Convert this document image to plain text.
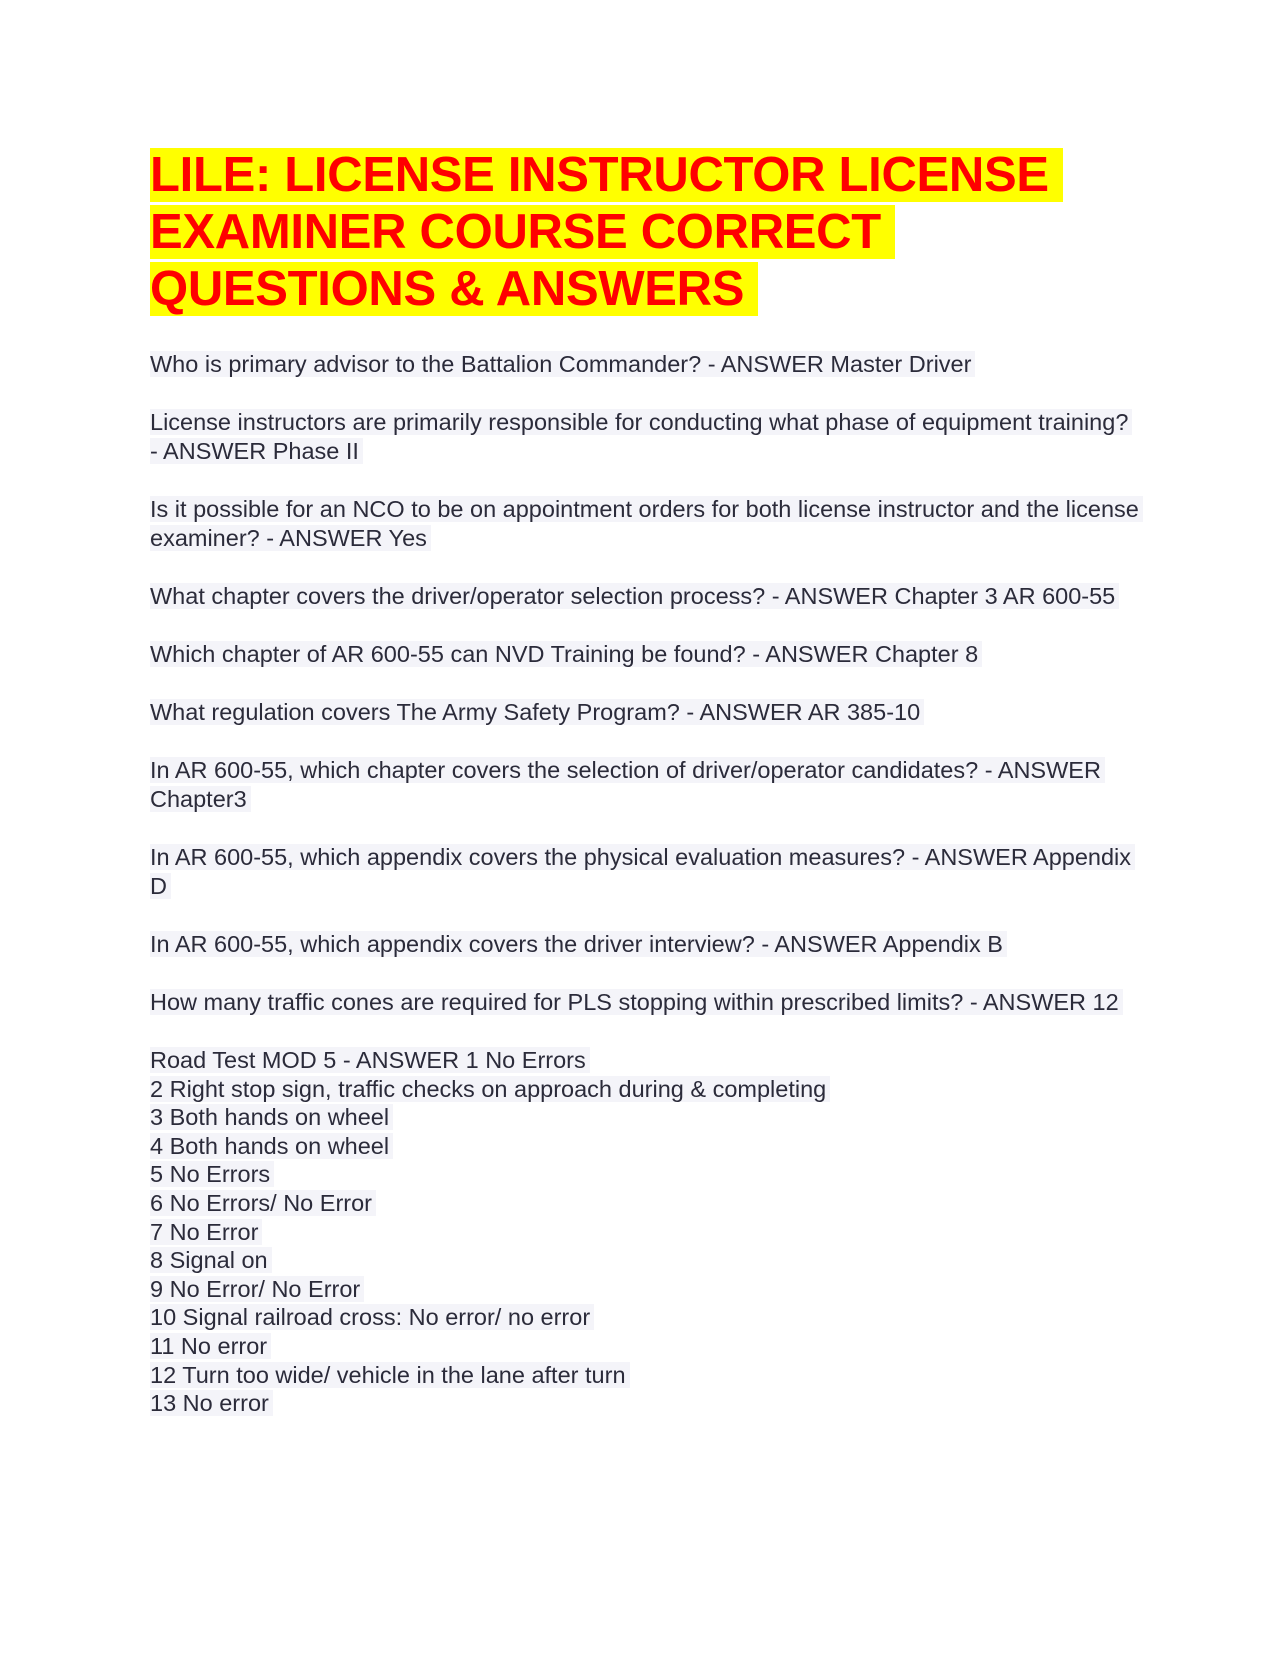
LILE: LICENSE INSTRUCTOR LICENSE
EXAMINER COURSE CORRECT
QUESTIONS & ANSWERS

Who is primary advisor to the Battalion Commander? - ANSWER Master Driver

License instructors are primarily responsible for conducting what phase of equipment training? - ANSWER Phase II

Is it possible for an NCO to be on appointment orders for both license instructor and the license examiner? - ANSWER Yes

What chapter covers the driver/operator selection process? - ANSWER Chapter 3 AR 600-55

Which chapter of AR 600-55 can NVD Training be found? - ANSWER Chapter 8

What regulation covers The Army Safety Program? - ANSWER AR 385-10

In AR 600-55, which chapter covers the selection of driver/operator candidates? - ANSWER Chapter3

In AR 600-55, which appendix covers the physical evaluation measures? - ANSWER Appendix D

In AR 600-55, which appendix covers the driver interview? - ANSWER Appendix B

How many traffic cones are required for PLS stopping within prescribed limits? - ANSWER 12

Road Test MOD 5 - ANSWER 1 No Errors
2 Right stop sign, traffic checks on approach during & completing
3 Both hands on wheel
4 Both hands on wheel
5 No Errors
6 No Errors/ No Error
7 No Error
8 Signal on
9 No Error/ No Error
10 Signal railroad cross: No error/ no error
11 No error
12 Turn too wide/ vehicle in the lane after turn
13 No error
